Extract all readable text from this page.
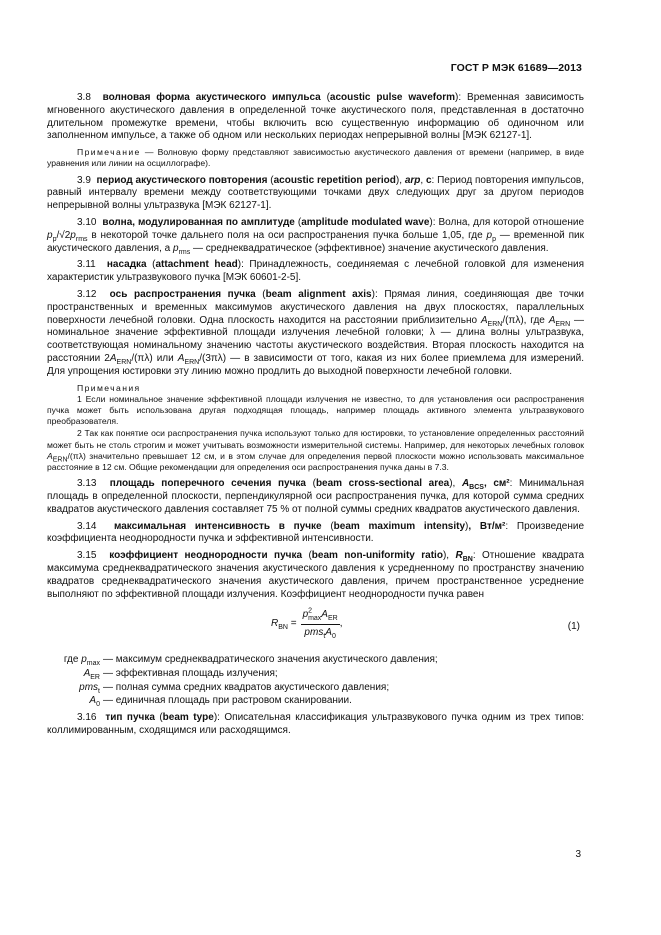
ГОСТ Р МЭК 61689—2013

3.8 волновая форма акустического импульса (acoustic pulse waveform): Временная зависимость мгновенного акустического давления в определенной точке акустического поля, представленная в достаточно длительном промежутке времени, чтобы включить всю существенную информацию об одиночном или заполненном импульсе, а также об одном или нескольких периодах непрерывной волны [МЭК 62127-1].

Примечание — Волновую форму представляют зависимостью акустического давления от времени (например, в виде уравнения или линии на осциллографе).

3.9 период акустического повторения (acoustic repetition period), arp, с: Период повторения импульсов, равный интервалу времени между соответствующими точками двух следующих друг за другом периодов непрерывной волны ультразвука [МЭК 62127-1].

3.10 волна, модулированная по амплитуде (amplitude modulated wave): Волна, для которой отношение $p_p/√2p_{rms}$ в некоторой точке дальнего поля на оси распространения пучка больше 1,05, где $p_p$ — временной пик акустического давления, а $p_{rms}$ — среднеквадратическое (эффективное) значение акустического давления.

3.11 насадка (attachment head): Принадлежность, соединяемая с лечебной головкой для изменения характеристик ультразвукового пучка [МЭК 60601-2-5].

3.12 ось распространения пучка (beam alignment axis): Прямая линия, соединяющая две точки пространственных и временных максимумов акустического давления на двух плоскостях, параллельных поверхности лечебной головки. Одна плоскость находится на расстоянии приблизительно $A_{ERN}/(\pi\lambda)$, где $A_{ERN}$ — номинальное значение эффективной площади излучения лечебной головки; λ — длина волны ультразвука, соответствующая номинальному значению частоты акустического воздействия. Вторая плоскость находится на расстоянии $2A_{ERN}/(\pi\lambda)$ или $A_{ERN}/(3\pi\lambda)$ — в зависимости от того, какая из них более приемлема для измерений. Для упрощения юстировки эту линию можно продлить до выходной поверхности лечебной головки.

Примечания

1 Если номинальное значение эффективной площади излучения не известно, то для установления оси распространения пучка может быть использована другая подходящая площадь, например площадь активного элемента ультразвукового преобразователя.

2 Так как понятие оси распространения пучка используют только для юстировки, то установление определенных расстояний может быть не столь строгим и может учитывать возможности измерительной системы. Например, для некоторых лечебных головок $A_{ERN}/(\pi\lambda)$ значительно превышает 12 см, и в этом случае для определения первой плоскости можно использовать максимальное расстояние в 12 см. Общие рекомендации для определения оси распространения пучка даны в 7.3.

3.13 площадь поперечного сечения пучка (beam cross-sectional area), $A_{BCS}$, см²: Минимальная площадь в определенной плоскости, перпендикулярной оси распространения пучка, для которой сумма средних квадратов акустического давления составляет 75 % от полной суммы средних квадратов акустического давления.

3.14 максимальная интенсивность в пучке (beam maximum intensity), Вт/м²: Произведение коэффициента неоднородности пучка и эффективной интенсивности.

3.15 коэффициент неоднородности пучка (beam non-uniformity ratio), $R_{BN}$: Отношение квадрата максимума среднеквадратического значения акустического давления к усредненному по пространству значению квадратов среднеквадратического значения акустического давления, причем пространственное усреднение выполняют по эффективной площади излучения. Коэффициент неоднородности пучка равен

$R_{BN} = \frac{p^2_{max}A_{ER}}{pms_tA_0}$ ,	(1)
где $p_{max}$ — максимум среднеквадратического значения акустического давления;
$A_{ER}$ — эффективная площадь излучения;
pms$_t$ — полная сумма средних квадратов акустического давления;
$A_0$ — единичная площадь при растровом сканировании.

3.16 тип пучка (beam type): Описательная классификация ультразвукового пучка одним из трех типов: коллимированным, сходящимся или расходящимся.

3
